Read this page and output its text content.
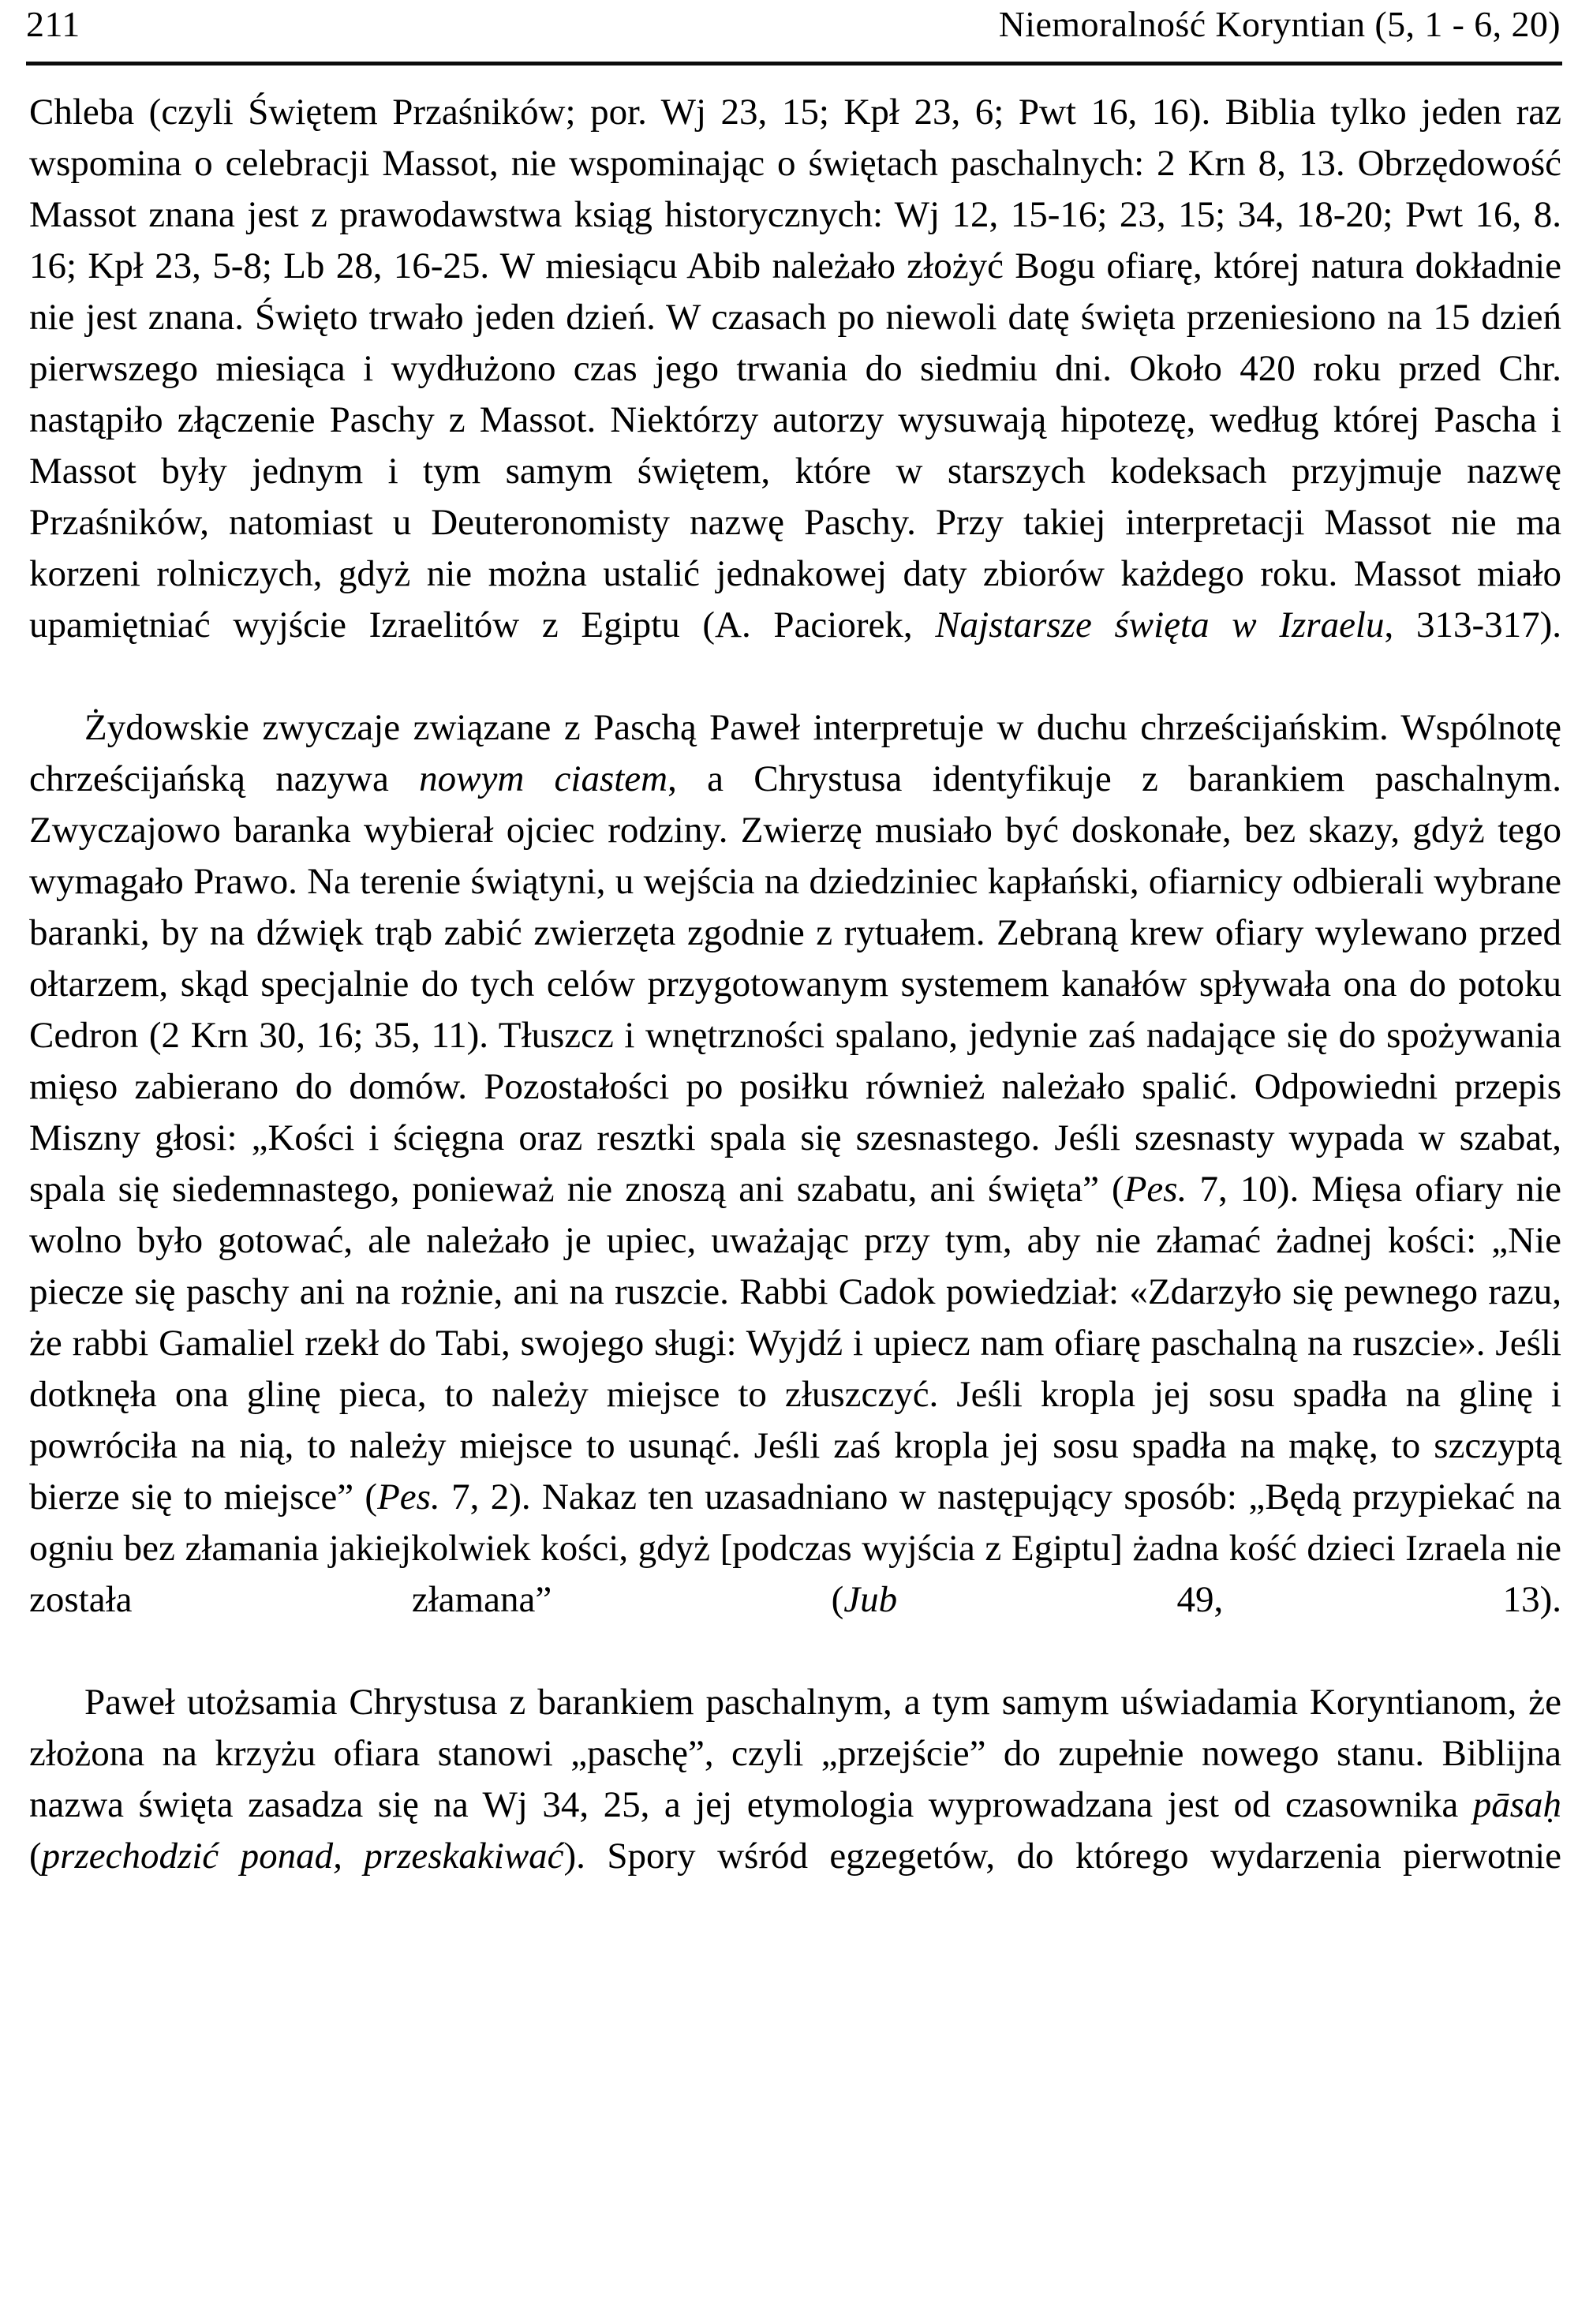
211	Niemoralność Koryntian (5, 1 - 6, 20)

Chleba (czyli Świętem Przaśników; por. Wj 23, 15; Kpł 23, 6; Pwt 16, 16). Biblia tylko jeden raz wspomina o celebracji Massot, nie wspominając o świętach paschalnych: 2 Krn 8, 13. Obrzędowość Massot znana jest z prawodawstwa ksiąg historycznych: Wj 12, 15-16; 23, 15; 34, 18-20; Pwt 16, 8. 16; Kpł 23, 5-8; Lb 28, 16-25. W miesiącu Abib należało złożyć Bogu ofiarę, której natura dokładnie nie jest znana. Święto trwało jeden dzień. W czasach po niewoli datę święta przeniesiono na 15 dzień pierwszego miesiąca i wydłużono czas jego trwania do siedmiu dni. Około 420 roku przed Chr. nastąpiło złączenie Paschy z Massot. Niektórzy autorzy wysuwają hipotezę, według której Pascha i Massot były jednym i tym samym świętem, które w starszych kodeksach przyjmuje nazwę Przaśników, natomiast u Deuteronomisty nazwę Paschy. Przy takiej interpretacji Massot nie ma korzeni rolniczych, gdyż nie można ustalić jednakowej daty zbiorów każdego roku. Massot miało upamiętniać wyjście Izraelitów z Egiptu (A. Paciorek, Najstarsze święta w Izraelu, 313-317).

Żydowskie zwyczaje związane z Paschą Paweł interpretuje w duchu chrześcijańskim. Wspólnotę chrześcijańską nazywa nowym ciastem, a Chrystusa identyfikuje z barankiem paschalnym. Zwyczajowo baranka wybierał ojciec rodziny. Zwierzę musiało być doskonałe, bez skazy, gdyż tego wymagało Prawo. Na terenie świątyni, u wejścia na dziedziniec kapłański, ofiarnicy odbierali wybrane baranki, by na dźwięk trąb zabić zwierzęta zgodnie z rytuałem. Zebraną krew ofiary wylewano przed ołtarzem, skąd specjalnie do tych celów przygotowanym systemem kanałów spływała ona do potoku Cedron (2 Krn 30, 16; 35, 11). Tłuszcz i wnętrzności spalano, jedynie zaś nadające się do spożywania mięso zabierano do domów. Pozostałości po posiłku również należało spalić. Odpowiedni przepis Miszny głosi: „Kości i ścięgna oraz resztki spala się szesnastego. Jeśli szesnasty wypada w szabat, spala się siedemnastego, ponieważ nie znoszą ani szabatu, ani święta” (Pes. 7, 10). Mięsa ofiary nie wolno było gotować, ale należało je upiec, uważając przy tym, aby nie złamać żadnej kości: „Nie piecze się paschy ani na rożnie, ani na ruszcie. Rabbi Cadok powiedział: «Zdarzyło się pewnego razu, że rabbi Gamaliel rzekł do Tabi, swojego sługi: Wyjdź i upiecz nam ofiarę paschalną na ruszcie». Jeśli dotknęła ona glinę pieca, to należy miejsce to złuszczyć. Jeśli kropla jej sosu spadła na glinę i powróciła na nią, to należy miejsce to usunąć. Jeśli zaś kropla jej sosu spadła na mąkę, to szczyptą bierze się to miejsce” (Pes. 7, 2). Nakaz ten uzasadniano w następujący sposób: „Będą przypiekać na ogniu bez złamania jakiejkolwiek kości, gdyż [podczas wyjścia z Egiptu] żadna kość dzieci Izraela nie została złamana” (Jub 49, 13).

Paweł utożsamia Chrystusa z barankiem paschalnym, a tym samym uświadamia Koryntianom, że złożona na krzyżu ofiara stanowi „paschę”, czyli „przejście” do zupełnie nowego stanu. Biblijna nazwa święta zasadza się na Wj 34, 25, a jej etymologia wyprowadzana jest od czasownika pāsaḥ (przechodzić ponad, przeskakiwać). Spory wśród egzegetów, do którego wydarzenia pierwotnie
